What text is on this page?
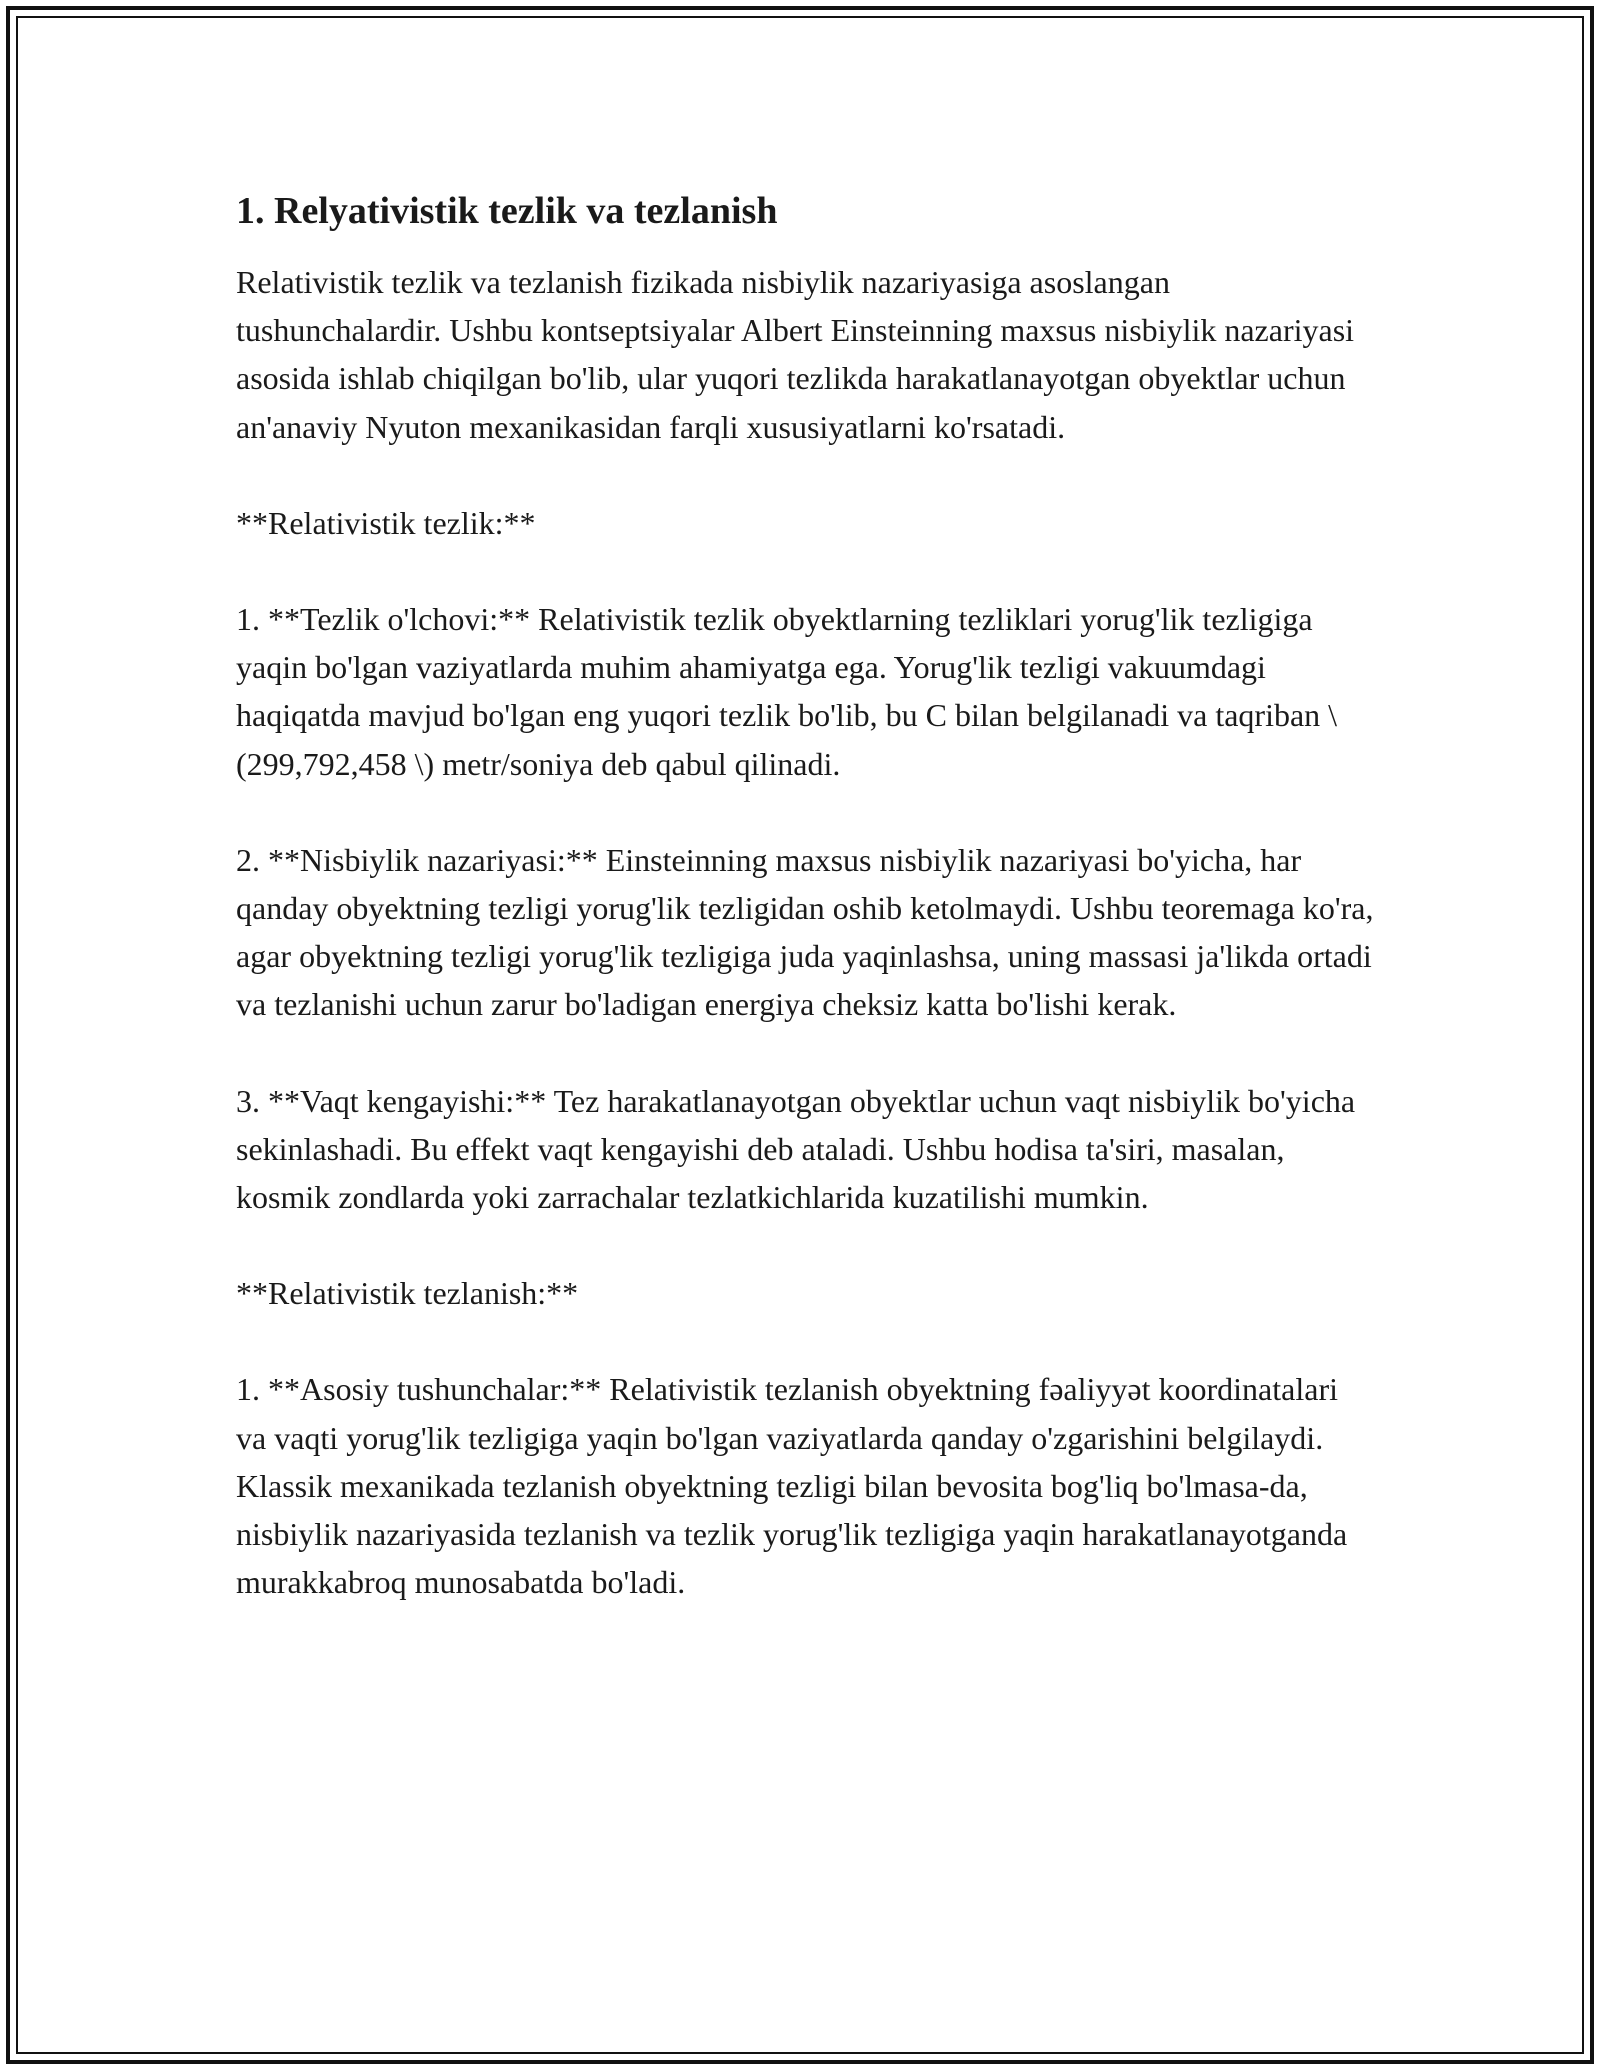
1. Relyativistik tezlik va tezlanish

Relativistik tezlik va tezlanish fizikada nisbiylik nazariyasiga asoslangan tushunchalardir. Ushbu kontseptsiyalar Albert Einsteinning maxsus nisbiylik nazariyasi asosida ishlab chiqilgan bo'lib, ular yuqori tezlikda harakatlanayotgan obyektlar uchun an'anaviy Nyuton mexanikasidan farqli xususiyatlarni ko'rsatadi.

**Relativistik tezlik:**

1. **Tezlik o'lchovi:** Relativistik tezlik obyektlarning tezliklari yorug'lik tezligiga yaqin bo'lgan vaziyatlarda muhim ahamiyatga ega. Yorug'lik tezligi vakuumdagi haqiqatda mavjud bo'lgan eng yuqori tezlik bo'lib, bu C bilan belgilanadi va taqriban \(299,792,458 \) metr/soniya deb qabul qilinadi.

2. **Nisbiylik nazariyasi:** Einsteinning maxsus nisbiylik nazariyasi bo'yicha, har qanday obyektning tezligi yorug'lik tezligidan oshib ketolmaydi. Ushbu teoremaga ko'ra, agar obyektning tezligi yorug'lik tezligiga juda yaqinlashsa, uning massasi ja'likda ortadi va tezlanishi uchun zarur bo'ladigan energiya cheksiz katta bo'lishi kerak.

3. **Vaqt kengayishi:** Tez harakatlanayotgan obyektlar uchun vaqt nisbiylik bo'yicha sekinlashadi. Bu effekt vaqt kengayishi deb ataladi. Ushbu hodisa ta'siri, masalan, kosmik zondlarda yoki zarrachalar tezlatkichlarida kuzatilishi mumkin.

**Relativistik tezlanish:**

1. **Asosiy tushunchalar:** Relativistik tezlanish obyektning fəaliyyət koordinatalari va vaqti yorug'lik tezligiga yaqin bo'lgan vaziyatlarda qanday o'zgarishini belgilaydi. Klassik mexanikada tezlanish obyektning tezligi bilan bevosita bog'liq bo'lmasa-da, nisbiylik nazariyasida tezlanish va tezlik yorug'lik tezligiga yaqin harakatlanayotganda murakkabroq munosabatda bo'ladi.
